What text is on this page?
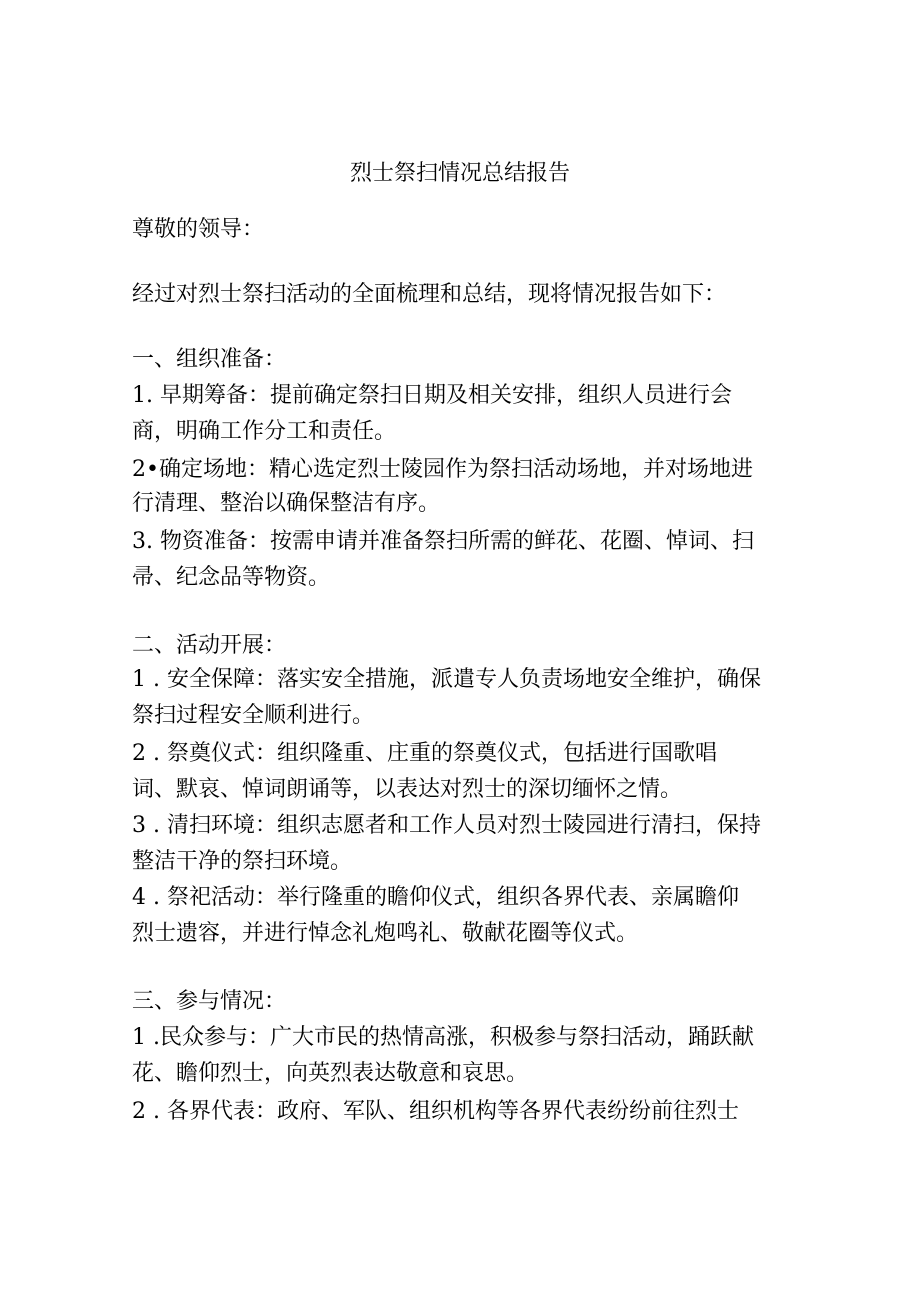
烈士祭扫情况总结报告
尊敬的领导：
经过对烈士祭扫活动的全面梳理和总结，现将情况报告如下：
一、组织准备：
1. 早期筹备：提前确定祭扫日期及相关安排，组织人员进行会
商，明确工作分工和责任。
2•确定场地：精心选定烈士陵园作为祭扫活动场地，并对场地进
行清理、整治以确保整洁有序。
3. 物资准备：按需申请并准备祭扫所需的鲜花、花圈、悼词、扫
帚、纪念品等物资。
二、活动开展：
1 . 安全保障：落实安全措施，派遣专人负责场地安全维护，确保
祭扫过程安全顺利进行。
2 . 祭奠仪式：组织隆重、庄重的祭奠仪式，包括进行国歌唱
词、默哀、悼词朗诵等，以表达对烈士的深切缅怀之情。
3 . 清扫环境：组织志愿者和工作人员对烈士陵园进行清扫，保持
整洁干净的祭扫环境。
4 . 祭祀活动：举行隆重的瞻仰仪式，组织各界代表、亲属瞻仰
烈士遗容，并进行悼念礼炮鸣礼、敬献花圈等仪式。
三、参与情况：
1 .民众参与：广大市民的热情高涨，积极参与祭扫活动，踊跃献
花、瞻仰烈士，向英烈表达敬意和哀思。
2 . 各界代表：政府、军队、组织机构等各界代表纷纷前往烈士
